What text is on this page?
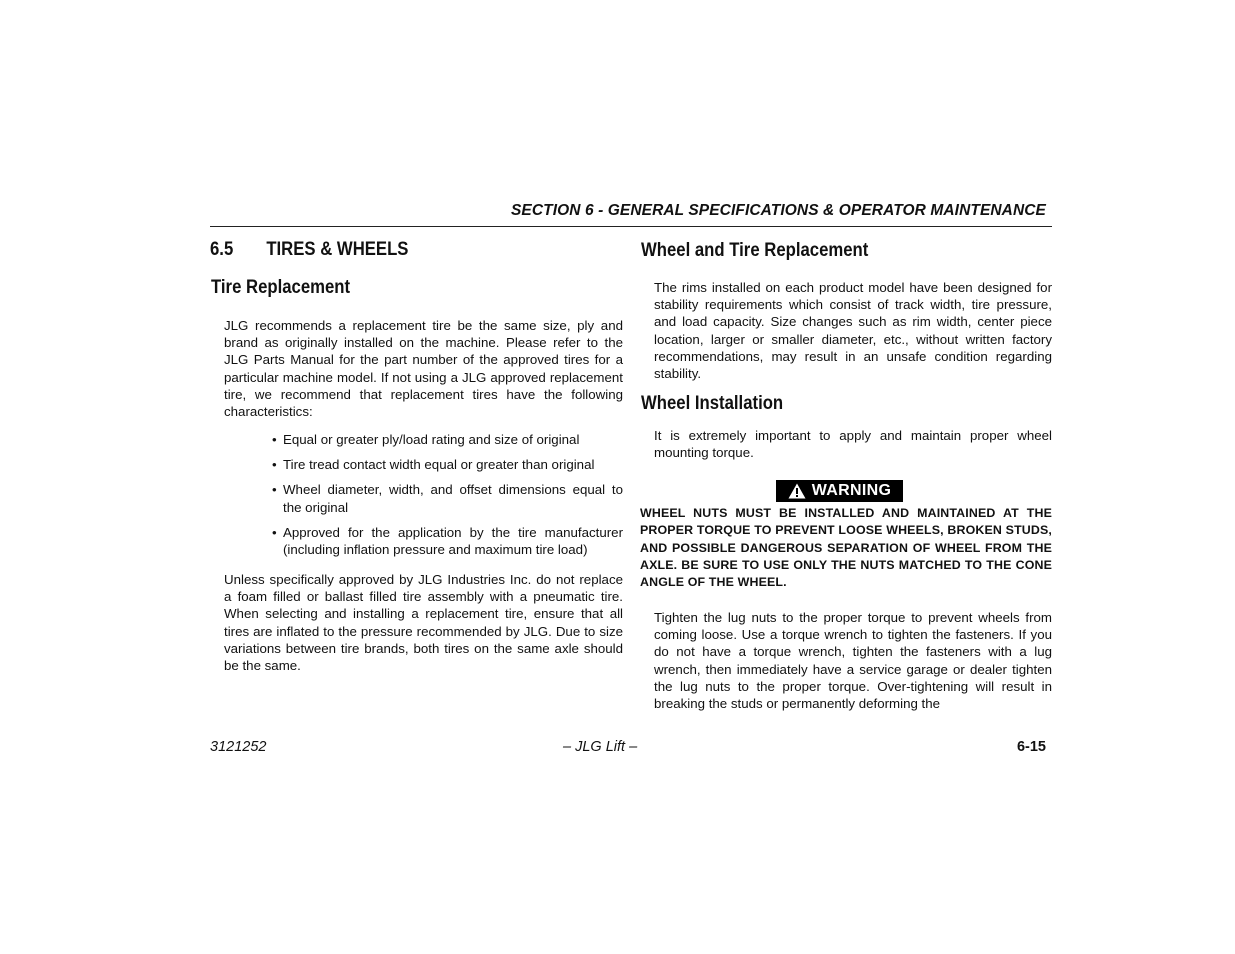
SECTION 6 - GENERAL SPECIFICATIONS & OPERATOR MAINTENANCE
6.5 TIRES & WHEELS
Tire Replacement

JLG recommends a replacement tire be the same size, ply and brand as originally installed on the machine. Please refer to the JLG Parts Manual for the part number of the approved tires for a particular machine model. If not using a JLG approved replacement tire, we recommend that replacement tires have the following characteristics:

• Equal or greater ply/load rating and size of original
• Tire tread contact width equal or greater than original
• Wheel diameter, width, and offset dimensions equal to the original
• Approved for the application by the tire manufacturer (including inflation pressure and maximum tire load)

Unless specifically approved by JLG Industries Inc. do not replace a foam filled or ballast filled tire assembly with a pneumatic tire. When selecting and installing a replacement tire, ensure that all tires are inflated to the pressure recommended by JLG. Due to size variations between tire brands, both tires on the same axle should be the same.

Wheel and Tire Replacement

The rims installed on each product model have been designed for stability requirements which consist of track width, tire pressure, and load capacity. Size changes such as rim width, center piece location, larger or smaller diameter, etc., without written factory recommendations, may result in an unsafe condition regarding stability.

Wheel Installation

It is extremely important to apply and maintain proper wheel mounting torque.

WARNING

WHEEL NUTS MUST BE INSTALLED AND MAINTAINED AT THE PROPER TORQUE TO PREVENT LOOSE WHEELS, BROKEN STUDS, AND POSSIBLE DANGEROUS SEPARATION OF WHEEL FROM THE AXLE. BE SURE TO USE ONLY THE NUTS MATCHED TO THE CONE ANGLE OF THE WHEEL.

Tighten the lug nuts to the proper torque to prevent wheels from coming loose. Use a torque wrench to tighten the fasteners. If you do not have a torque wrench, tighten the fasteners with a lug wrench, then immediately have a service garage or dealer tighten the lug nuts to the proper torque. Over-tightening will result in breaking the studs or permanently deforming the

3121252	– JLG Lift –	6-15
